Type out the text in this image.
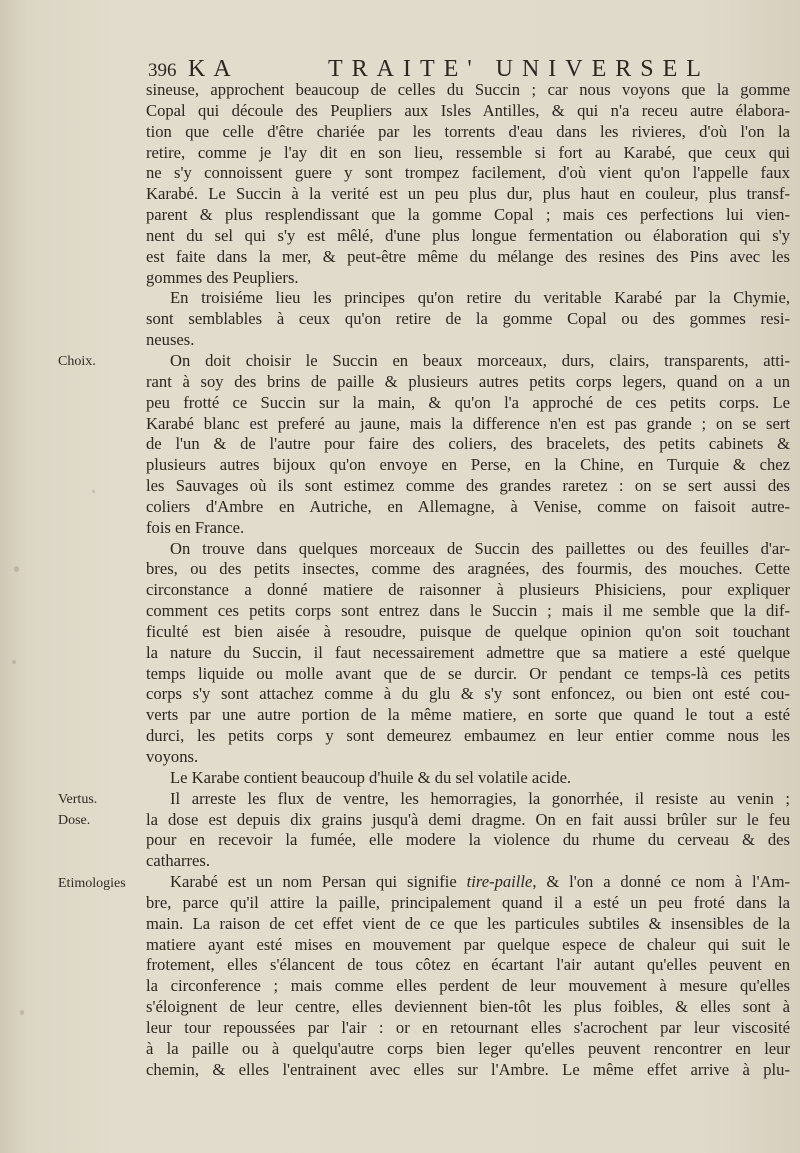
396 KA	TRAITE' UNIVERSEL
Choix.
Vertus.
Dose.
Etimologies
sineuse, approchent beaucoup de celles du Succin ; car nous voyons que la gomme
Copal qui découle des Peupliers aux Isles Antilles, & qui n'a receu autre élabora-
tion que celle d'être chariée par les torrents d'eau dans les rivieres, d'où l'on la
retire, comme je l'ay dit en son lieu, ressemble si fort au Karabé, que ceux qui
ne s'y connoissent guere y sont trompez facilement, d'où vient qu'on l'appelle faux
Karabé. Le Succin à la verité est un peu plus dur, plus haut en couleur, plus transf-
parent & plus resplendissant que la gomme Copal ; mais ces perfections lui vien-
nent du sel qui s'y est mêlé, d'une plus longue fermentation ou élaboration qui s'y
est faite dans la mer, & peut-être même du mélange des resines des Pins avec les
gommes des Peupliers.
En troisiéme lieu les principes qu'on retire du veritable Karabé par la Chymie,
sont semblables à ceux qu'on retire de la gomme Copal ou des gommes resi-
neuses.
On doit choisir le Succin en beaux morceaux, durs, clairs, transparents, atti-
rant à soy des brins de paille & plusieurs autres petits corps legers, quand on a un
peu frotté ce Succin sur la main, & qu'on l'a approché de ces petits corps. Le
Karabé blanc est preferé au jaune, mais la difference n'en est pas grande ; on se sert
de l'un & de l'autre pour faire des coliers, des bracelets, des petits cabinets &
plusieurs autres bijoux qu'on envoye en Perse, en la Chine, en Turquie & chez
les Sauvages où ils sont estimez comme des grandes raretez : on se sert aussi des
coliers d'Ambre en Autriche, en Allemagne, à Venise, comme on faisoit autre-
fois en France.
On trouve dans quelques morceaux de Succin des paillettes ou des feuilles d'ar-
bres, ou des petits insectes, comme des aragnées, des fourmis, des mouches. Cette
circonstance a donné matiere de raisonner à plusieurs Phisiciens, pour expliquer
comment ces petits corps sont entrez dans le Succin ; mais il me semble que la dif-
ficulté est bien aisée à resoudre, puisque de quelque opinion qu'on soit touchant
la nature du Succin, il faut necessairement admettre que sa matiere a esté quelque
temps liquide ou molle avant que de se durcir. Or pendant ce temps-là ces petits
corps s'y sont attachez comme à du glu & s'y sont enfoncez, ou bien ont esté cou-
verts par une autre portion de la même matiere, en sorte que quand le tout a esté
durci, les petits corps y sont demeurez embaumez en leur entier comme nous les
voyons.
Le Karabe contient beaucoup d'huile & du sel volatile acide.
Il arreste les flux de ventre, les hemorragies, la gonorrhée, il resiste au venin ;
la dose est depuis dix grains jusqu'à demi dragme. On en fait aussi brûler sur le feu
pour en recevoir la fumée, elle modere la violence du rhume du cerveau & des
catharres.
Karabé est un nom Persan qui signifie tire-paille, & l'on a donné ce nom à l'Am-
bre, parce qu'il attire la paille, principalement quand il a esté un peu froté dans la
main. La raison de cet effet vient de ce que les particules subtiles & insensibles de la
matiere ayant esté mises en mouvement par quelque espece de chaleur qui suit le
frotement, elles s'élancent de tous côtez en écartant l'air autant qu'elles peuvent en
la circonference ; mais comme elles perdent de leur mouvement à mesure qu'elles
s'éloignent de leur centre, elles deviennent bien-tôt les plus foibles, & elles sont à
leur tour repoussées par l'air : or en retournant elles s'acrochent par leur viscosité
à la paille ou à quelqu'autre corps bien leger qu'elles peuvent rencontrer en leur
chemin, & elles l'entrainent avec elles sur l'Ambre. Le même effet arrive à plu-
